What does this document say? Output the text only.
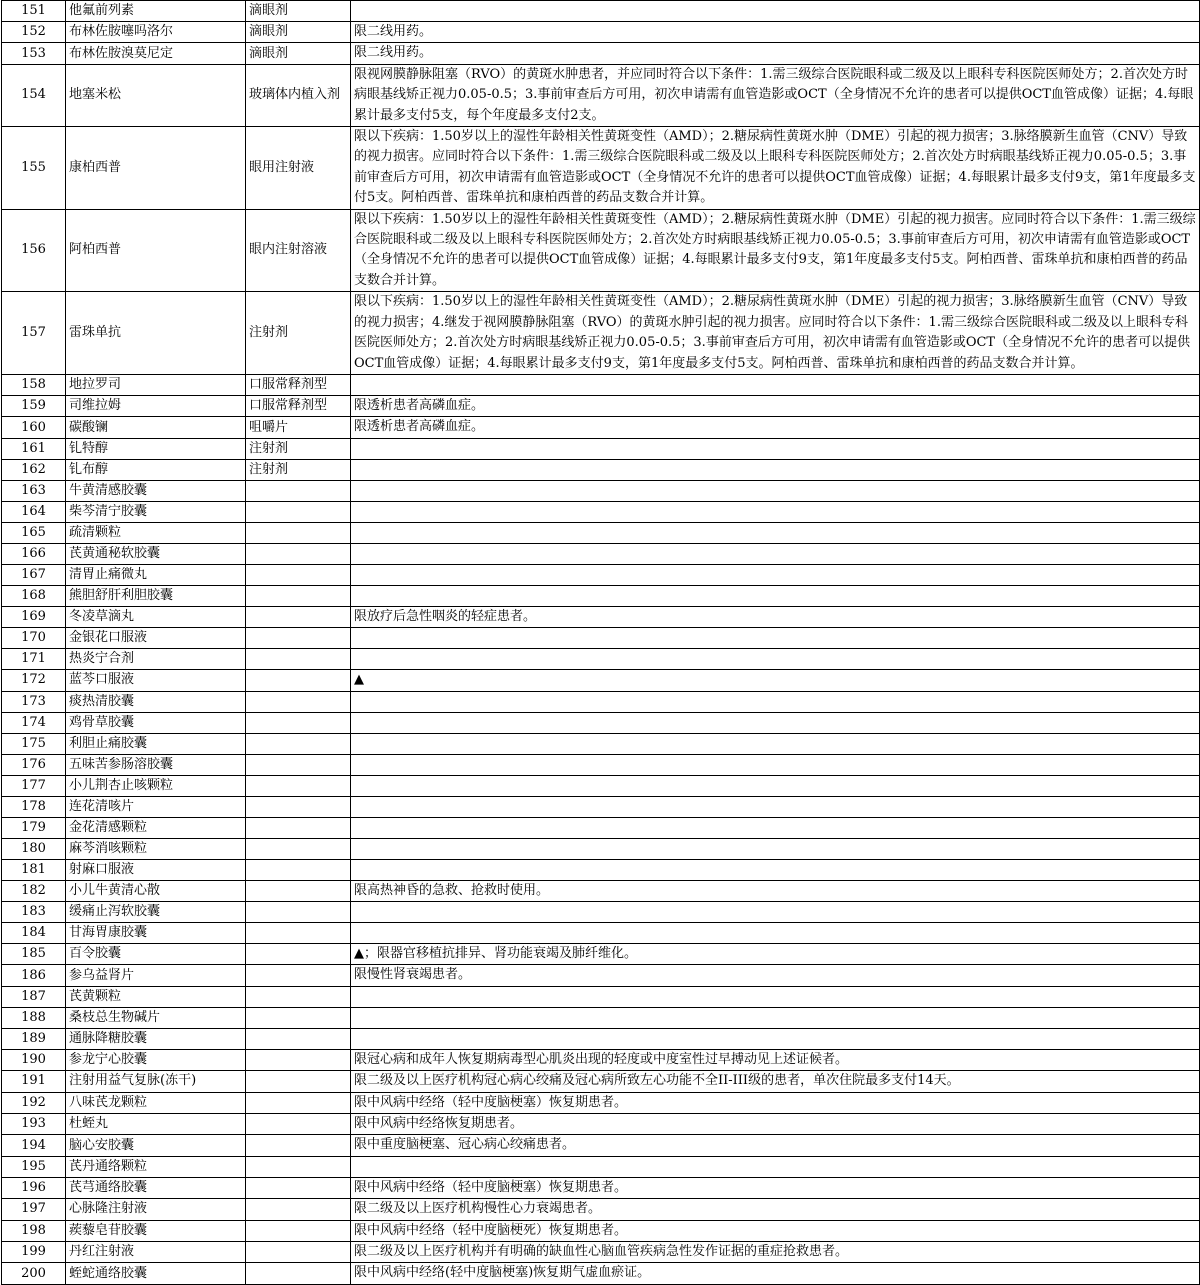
151	他氟前列素	滴眼剂	
152	布林佐胺噻吗洛尔	滴眼剂	限二线用药。
153	布林佐胺溴莫尼定	滴眼剂	限二线用药。
154	地塞米松	玻璃体内植入剂	限视网膜静脉阻塞（RVO）的黄斑水肿患者，并应同时符合以下条件：1.需三级综合医院眼科或二级及以上眼科专科医院医师处方；2.首次处方时病眼基线矫正视力0.05-0.5；3.事前审查后方可用，初次申请需有血管造影或OCT（全身情况不允许的患者可以提供OCT血管成像）证据；4.每眼累计最多支付5支，每个年度最多支付2支。
155	康柏西普	眼用注射液	限以下疾病：1.50岁以上的湿性年龄相关性黄斑变性（AMD）；2.糖尿病性黄斑水肿（DME）引起的视力损害；3.脉络膜新生血管（CNV）导致的视力损害。应同时符合以下条件：1.需三级综合医院眼科或二级及以上眼科专科医院医师处方；2.首次处方时病眼基线矫正视力0.05-0.5；3.事前审查后方可用，初次申请需有血管造影或OCT（全身情况不允许的患者可以提供OCT血管成像）证据；4.每眼累计最多支付9支，第1年度最多支付5支。阿柏西普、雷珠单抗和康柏西普的药品支数合并计算。
156	阿柏西普	眼内注射溶液	限以下疾病：1.50岁以上的湿性年龄相关性黄斑变性（AMD）；2.糖尿病性黄斑水肿（DME）引起的视力损害。应同时符合以下条件：1.需三级综合医院眼科或二级及以上眼科专科医院医师处方；2.首次处方时病眼基线矫正视力0.05-0.5；3.事前审查后方可用，初次申请需有血管造影或OCT（全身情况不允许的患者可以提供OCT血管成像）证据；4.每眼累计最多支付9支，第1年度最多支付5支。阿柏西普、雷珠单抗和康柏西普的药品支数合并计算。
157	雷珠单抗	注射剂	限以下疾病：1.50岁以上的湿性年龄相关性黄斑变性（AMD）；2.糖尿病性黄斑水肿（DME）引起的视力损害；3.脉络膜新生血管（CNV）导致的视力损害；4.继发于视网膜静脉阻塞（RVO）的黄斑水肿引起的视力损害。应同时符合以下条件：1.需三级综合医院眼科或二级及以上眼科专科医院医师处方；2.首次处方时病眼基线矫正视力0.05-0.5；3.事前审查后方可用，初次申请需有血管造影或OCT（全身情况不允许的患者可以提供OCT血管成像）证据；4.每眼累计最多支付9支，第1年度最多支付5支。阿柏西普、雷珠单抗和康柏西普的药品支数合并计算。
158	地拉罗司	口服常释剂型	
159	司维拉姆	口服常释剂型	限透析患者高磷血症。
160	碳酸镧	咀嚼片	限透析患者高磷血症。
161	钆特醇	注射剂	
162	钆布醇	注射剂	
163	牛黄清感胶囊		
164	柴芩清宁胶囊		
165	疏清颗粒		
166	芪黄通秘软胶囊		
167	清胃止痛微丸		
168	熊胆舒肝利胆胶囊		
169	冬凌草滴丸		限放疗后急性咽炎的轻症患者。
170	金银花口服液		
171	热炎宁合剂		
172	蓝芩口服液		▲
173	痰热清胶囊		
174	鸡骨草胶囊		
175	利胆止痛胶囊		
176	五味苦参肠溶胶囊		
177	小儿荆杏止咳颗粒		
178	连花清咳片		
179	金花清感颗粒		
180	麻芩消咳颗粒		
181	射麻口服液		
182	小儿牛黄清心散		限高热神昏的急救、抢救时使用。
183	缓痛止泻软胶囊		
184	甘海胃康胶囊		
185	百令胶囊		▲；限器官移植抗排异、肾功能衰竭及肺纤维化。
186	参乌益肾片		限慢性肾衰竭患者。
187	芪黄颗粒		
188	桑枝总生物碱片		
189	通脉降糖胶囊		
190	参龙宁心胶囊		限冠心病和成年人恢复期病毒型心肌炎出现的轻度或中度室性过早搏动见上述证候者。
191	注射用益气复脉(冻干)		限二级及以上医疗机构冠心病心绞痛及冠心病所致左心功能不全II-III级的患者，单次住院最多支付14天。
192	八味芪龙颗粒		限中风病中经络（轻中度脑梗塞）恢复期患者。
193	杜蛭丸		限中风病中经络恢复期患者。
194	脑心安胶囊		限中重度脑梗塞、冠心病心绞痛患者。
195	芪丹通络颗粒		
196	芪芎通络胶囊		限中风病中经络（轻中度脑梗塞）恢复期患者。
197	心脉隆注射液		限二级及以上医疗机构慢性心力衰竭患者。
198	蒺藜皂苷胶囊		限中风病中经络（轻中度脑梗死）恢复期患者。
199	丹红注射液		限二级及以上医疗机构并有明确的缺血性心脑血管疾病急性发作证据的重症抢救患者。
200	蛭蛇通络胶囊		限中风病中经络(轻中度脑梗塞)恢复期气虚血瘀证。
